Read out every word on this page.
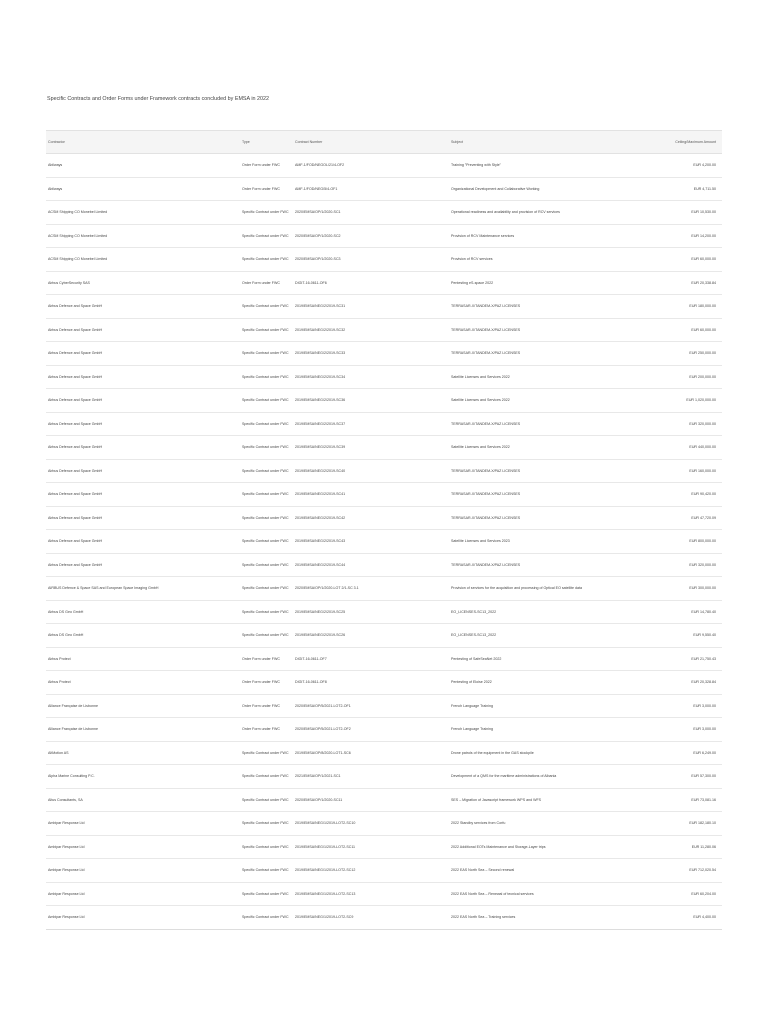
Specific Contracts and Order Forms under Framework contracts concluded by EMSA in 2022
Contractor	Type	Contract Number	Subject	Ceiling/Maximum Amount
Abilways	Order Form under FWC	AMF-1/FOD/NEGOL/21/4-OF2	Training "Preventing with Style"	EUR 4,200.00
Abilways	Order Form under FWC	AMF-1/FOD/NEG/5/4-OF1	Organizational Development and Collaborative Working	EUR 4,711.50
ACSM Shipping CO Monebel Limited	Specific Contract under FWC	2020/EMSA/OP/1/2020-SC1	Operational readiness and availability and provision of RCV services	EUR 10,530.00
ACSM Shipping CO Monebel Limited	Specific Contract under FWC	2020/EMSA/OP/1/2020-SC2	Provision of RCV Maintenance services	EUR 14,200.00
ACSM Shipping CO Monebel Limited	Specific Contract under FWC	2020/EMSA/OP/1/2020-SC3	Provision of RCV services	EUR 60,000.00
Airbus CyberSecurity SAS	Order Form under FWC	DIGIT-16-0611-OF6	Pentesting eS-space 2022	EUR 20,338.84
Airbus Defence and Space GmbH	Specific Contract under FWC	2019/EMSA/NEG/2/2019-SC31	TERRASAR-X/TANDEM-X/PAZ LICENSES	EUR 180,000.00
Airbus Defence and Space GmbH	Specific Contract under FWC	2019/EMSA/NEG/2/2019-SC32	TERRASAR-X/TANDEM-X/PAZ LICENSES	EUR 60,000.00
Airbus Defence and Space GmbH	Specific Contract under FWC	2019/EMSA/NEG/2/2019-SC33	TERRASAR-X/TANDEM-X/PAZ LICENSES	EUR 250,000.00
Airbus Defence and Space GmbH	Specific Contract under FWC	2019/EMSA/NEG/2/2019-SC34	Satellite Licenses and Services 2022	EUR 200,000.00
Airbus Defence and Space GmbH	Specific Contract under FWC	2019/EMSA/NEG/2/2019-SC36	Satellite Licenses and Services 2022	EUR 1,020,000.00
Airbus Defence and Space GmbH	Specific Contract under FWC	2019/EMSA/NEG/2/2019-SC37	TERRASAR-X/TANDEM-X/PAZ LICENSES	EUR 320,000.00
Airbus Defence and Space GmbH	Specific Contract under FWC	2019/EMSA/NEG/2/2019-SC39	Satellite Licenses and Services 2022	EUR 440,000.00
Airbus Defence and Space GmbH	Specific Contract under FWC	2019/EMSA/NEG/2/2019-SC40	TERRASAR-X/TANDEM-X/PAZ LICENSES	EUR 160,000.00
Airbus Defence and Space GmbH	Specific Contract under FWC	2019/EMSA/NEG/2/2019-SC41	TERRASAR-X/TANDEM-X/PAZ LICENSES	EUR 90,420.00
Airbus Defence and Space GmbH	Specific Contract under FWC	2019/EMSA/NEG/2/2019-SC42	TERRASAR-X/TANDEM-X/PAZ LICENSES	EUR 47,720.09
Airbus Defence and Space GmbH	Specific Contract under FWC	2019/EMSA/NEG/2/2019-SC43	Satellite Licenses and Services 2023	EUR 800,000.00
Airbus Defence and Space GmbH	Specific Contract under FWC	2019/EMSA/NEG/2/2019-SC44	TERRASAR-X/TANDEM-X/PAZ LICENSES	EUR 320,000.00
AIRBUS Defence & Space SAS and European Space Imaging GmbH	Specific Contract under FWC	2020/EMSA/OP/1/2020-LOT 2/1-SC 3.1	Provision of services for the acquisition and processing of Optical EO satellite data	EUR 300,000.00
Airbus DS Geo GmbH	Specific Contract under FWC	2019/EMSA/NEG/2/2019-SC25	EO_LICENSES-SC13_2022	EUR 14,780.40
Airbus DS Geo GmbH	Specific Contract under FWC	2019/EMSA/NEG/2/2019-SC26	EO_LICENSES-SC13_2022	EUR 9,550.40
Airbus Protect	Order Form under FWC	DIGIT-16-0611-OF7	Pentesting of SafeSeaNet 2022	EUR 21,750.43
Airbus Protect	Order Form under FWC	DIGIT-16-0611-OF8	Pentesting of Eloise 2022	EUR 20,328.84
Alliance Française de Lisbonne	Order Form under FWC	2020/EMSA/OP/5/2021-LOT2-OF1	French Language Training	EUR 3,000.00
Alliance Française de Lisbonne	Order Form under FWC	2020/EMSA/OP/5/2021-LOT2-OF2	French Language Training	EUR 3,000.00
AltMotion AS	Specific Contract under FWC	2019/EMSA/OP/8/2020-LOT1-SC6	Drone patrols of the equipment in the GAS stockpile	EUR 6,249.00
Alpha Marine Consulting P.C.	Specific Contract under FWC	2021/EMSA/OP/1/2021-SC1	Development of a QMS for the maritime administrations of Albania	EUR 57,300.00
Altus Consultants, SA	Specific Contract under FWC	2020/EMSA/OP/1/2020-SC11	SES – Migration of Javascript framework WPS and WFS	EUR 73,081.16
Ambipar Response Ltd	Specific Contract under FWC	2019/EMSA/NEG/1/2019-LOT2-SC10	2022 Standby services from Corfu	EUR 182,180.10
Ambipar Response Ltd	Specific Contract under FWC	2019/EMSA/NEG/1/2019-LOT2-SC11	2022 Additional EOTs Maintenance and Storage-Layer trips	EUR 11,280.06
Ambipar Response Ltd	Specific Contract under FWC	2019/EMSA/NEG/1/2019-LOT2-SC12	2022 EAS North Sea – Second renewal	EUR 712,020.54
Ambipar Response Ltd	Specific Contract under FWC	2019/EMSA/NEG/1/2019-LOT2-SC13	2022 EAS North Sea – Renewal of tecnical services	EUR 60,204.00
Ambipar Response Ltd	Specific Contract under FWC	2019/EMSA/NEG/1/2019-LOT2-SC9	2022 EAS North Sea – Training services	EUR 4,400.00
